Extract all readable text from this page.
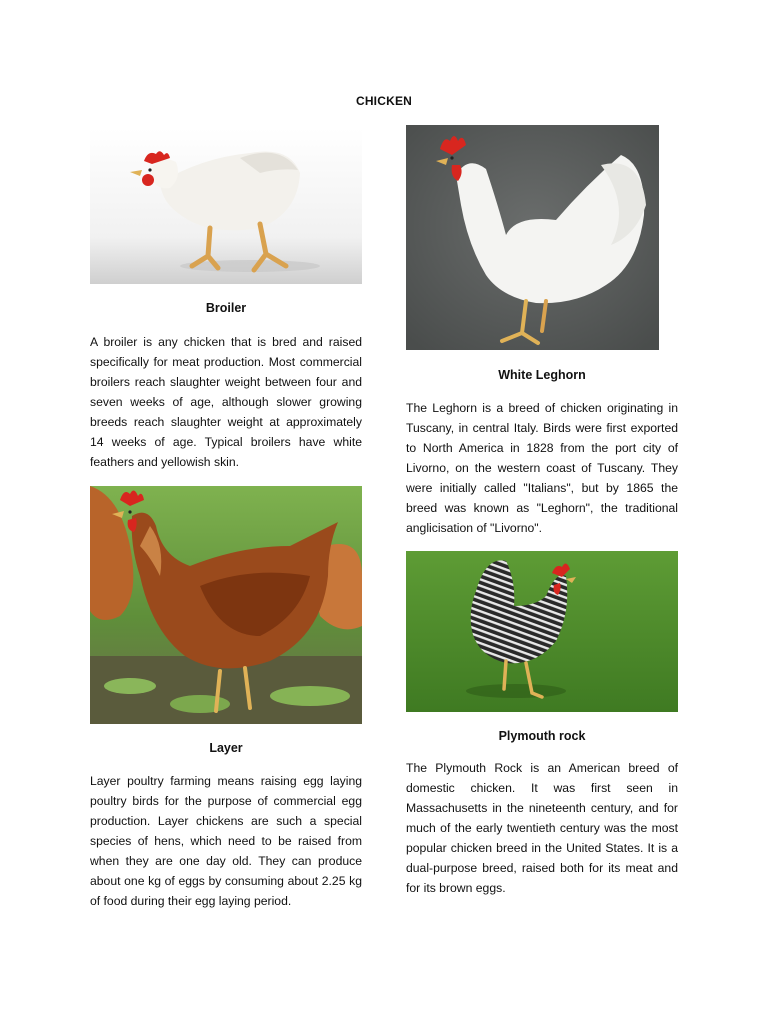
CHICKEN
Broiler

A broiler is any chicken that is bred and raised specifically for meat production. Most commercial broilers reach slaughter weight between four and seven weeks of age, although slower growing breeds reach slaughter weight at approximately 14 weeks of age. Typical broilers have white feathers and yellowish skin.

White Leghorn

The Leghorn is a breed of chicken originating in Tuscany, in central Italy. Birds were first exported to North America in 1828 from the port city of Livorno, on the western coast of Tuscany. They were initially called "Italians", but by 1865 the breed was known as "Leghorn", the traditional anglicisation of "Livorno".

Layer

Layer poultry farming means raising egg laying poultry birds for the purpose of commercial egg production. Layer chickens are such a special species of hens, which need to be raised from when they are one day old. They can produce about one kg of eggs by consuming about 2.25 kg of food during their egg laying period.

Plymouth rock

The Plymouth Rock is an American breed of domestic chicken. It was first seen in Massachusetts in the nineteenth century, and for much of the early twentieth century was the most popular chicken breed in the United States. It is a dual-purpose breed, raised both for its meat and for its brown eggs.
